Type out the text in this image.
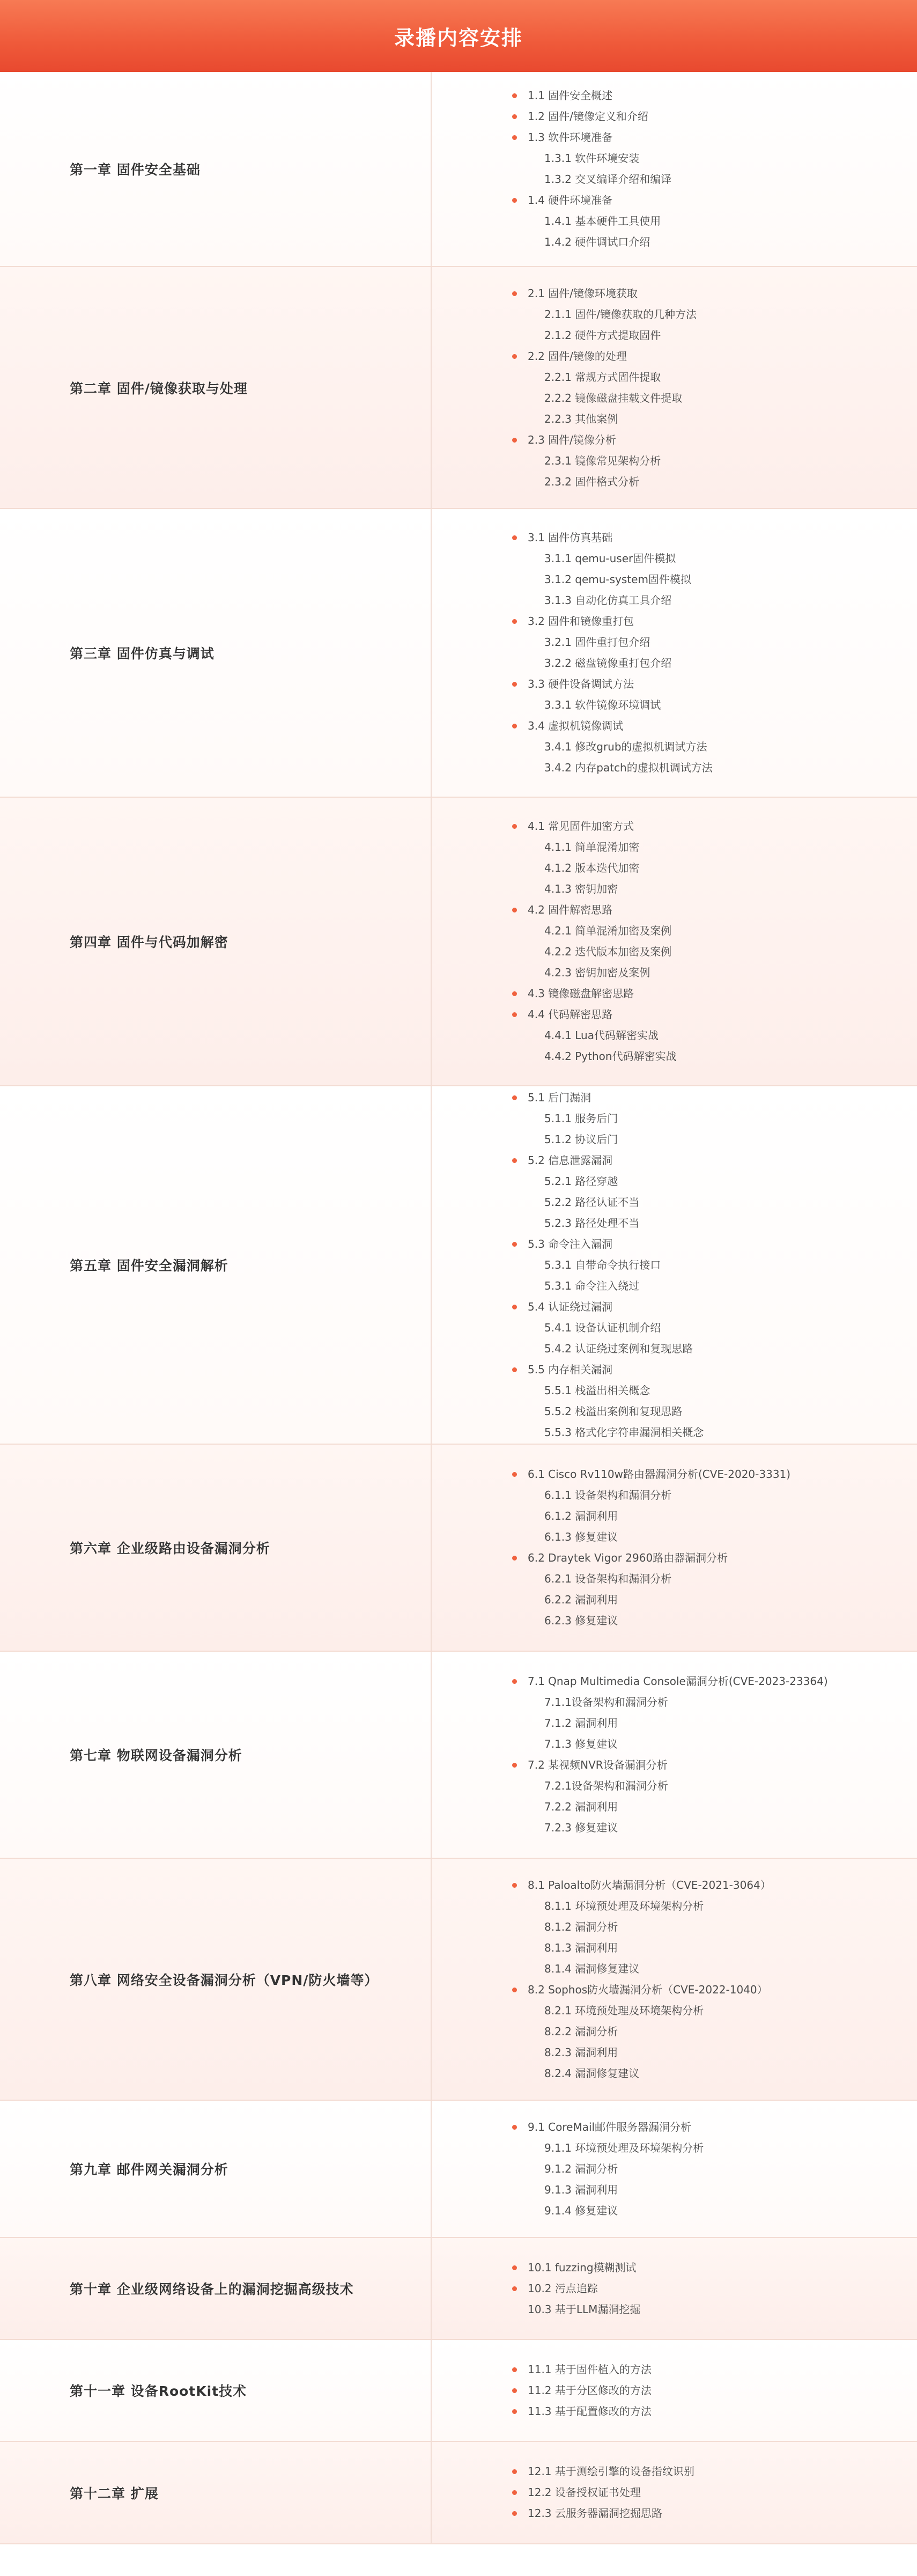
录播内容安排
第一章 固件安全基础
1.1 固件安全概述
1.2 固件/镜像定义和介绍
1.3 软件环境准备
1.3.1 软件环境安装
1.3.2 交叉编译介绍和编译
1.4 硬件环境准备
1.4.1 基本硬件工具使用
1.4.2 硬件调试口介绍
第二章 固件/镜像获取与处理
2.1 固件/镜像环境获取
2.1.1 固件/镜像获取的几种方法
2.1.2 硬件方式提取固件
2.2 固件/镜像的处理
2.2.1 常规方式固件提取
2.2.2 镜像磁盘挂载文件提取
2.2.3 其他案例
2.3 固件/镜像分析
2.3.1 镜像常见架构分析
2.3.2 固件格式分析
第三章 固件仿真与调试
3.1 固件仿真基础
3.1.1 qemu-user固件模拟
3.1.2 qemu-system固件模拟
3.1.3 自动化仿真工具介绍
3.2 固件和镜像重打包
3.2.1 固件重打包介绍
3.2.2 磁盘镜像重打包介绍
3.3 硬件设备调试方法
3.3.1 软件镜像环境调试
3.4 虚拟机镜像调试
3.4.1 修改grub的虚拟机调试方法
3.4.2 内存patch的虚拟机调试方法
第四章 固件与代码加解密
4.1 常见固件加密方式
4.1.1 简单混淆加密
4.1.2 版本迭代加密
4.1.3 密钥加密
4.2 固件解密思路
4.2.1 简单混淆加密及案例
4.2.2 迭代版本加密及案例
4.2.3 密钥加密及案例
4.3 镜像磁盘解密思路
4.4 代码解密思路
4.4.1 Lua代码解密实战
4.4.2 Python代码解密实战
第五章 固件安全漏洞解析
5.1 后门漏洞
5.1.1 服务后门
5.1.2 协议后门
5.2 信息泄露漏洞
5.2.1 路径穿越
5.2.2 路径认证不当
5.2.3 路径处理不当
5.3 命令注入漏洞
5.3.1 自带命令执行接口
5.3.1 命令注入绕过
5.4 认证绕过漏洞
5.4.1 设备认证机制介绍
5.4.2 认证绕过案例和复现思路
5.5 内存相关漏洞
5.5.1 栈溢出相关概念
5.5.2 栈溢出案例和复现思路
5.5.3 格式化字符串漏洞相关概念
第六章 企业级路由设备漏洞分析
6.1 Cisco Rv110w路由器漏洞分析(CVE-2020-3331)
6.1.1 设备架构和漏洞分析
6.1.2 漏洞利用
6.1.3 修复建议
6.2 Draytek Vigor 2960路由器漏洞分析
6.2.1 设备架构和漏洞分析
6.2.2 漏洞利用
6.2.3 修复建议
第七章 物联网设备漏洞分析
7.1 Qnap Multimedia Console漏洞分析(CVE-2023-23364)
7.1.1设备架构和漏洞分析
7.1.2 漏洞利用
7.1.3 修复建议
7.2 某视频NVR设备漏洞分析
7.2.1设备架构和漏洞分析
7.2.2 漏洞利用
7.2.3 修复建议
第八章 网络安全设备漏洞分析（VPN/防火墙等）
8.1 Paloalto防火墙漏洞分析（CVE-2021-3064）
8.1.1 环境预处理及环境架构分析
8.1.2 漏洞分析
8.1.3 漏洞利用
8.1.4 漏洞修复建议
8.2 Sophos防火墙漏洞分析（CVE-2022-1040）
8.2.1 环境预处理及环境架构分析
8.2.2 漏洞分析
8.2.3 漏洞利用
8.2.4 漏洞修复建议
第九章 邮件网关漏洞分析
9.1 CoreMail邮件服务器漏洞分析
9.1.1 环境预处理及环境架构分析
9.1.2 漏洞分析
9.1.3 漏洞利用
9.1.4 修复建议
第十章 企业级网络设备上的漏洞挖掘高级技术
10.1 fuzzing模糊测试
10.2 污点追踪
10.3 基于LLM漏洞挖掘
第十一章 设备RootKit技术
11.1 基于固件植入的方法
11.2 基于分区修改的方法
11.3 基于配置修改的方法
第十二章 扩展
12.1 基于测绘引擎的设备指纹识别
12.2 设备授权证书处理
12.3 云服务器漏洞挖掘思路
